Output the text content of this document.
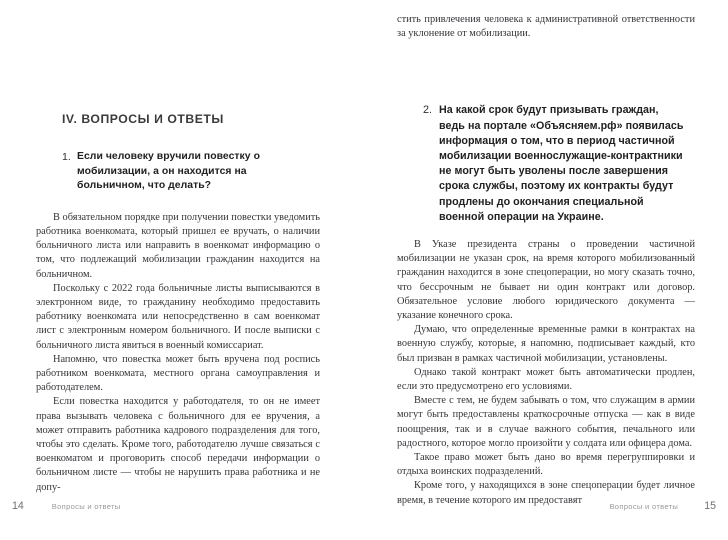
IV. ВОПРОСЫ И ОТВЕТЫ
1. Если человеку вручили повестку о мобилизации, а он находится на больничном, что делать?

В обязательном порядке при получении повестки уведомить работника военкомата, который пришел ее вручать, о наличии больничного листа или направить в военкомат информацию о том, что подлежащий мобилизации гражданин находится на больничном.

Поскольку с 2022 года больничные листы выписываются в электронном виде, то гражданину необходимо предоставить работнику военкомата или непосредственно в сам военкомат лист с электронным номером больничного. И после выписки с больничного листа явиться в военный комиссариат.

Напомню, что повестка может быть вручена под роспись работником военкомата, местного органа самоуправления и работодателем.

Если повестка находится у работодателя, то он не имеет права вызывать человека с больничного для ее вручения, а может отправить работника кадрового подразделения для того, чтобы это сделать. Кроме того, работодателю лучше связаться с военкоматом и проговорить способ передачи информации о больничном листе — чтобы не нарушить права работника и не допу-

14	Вопросы и ответы

стить привлечения человека к административной ответственности за уклонение от мобилизации.

2. На какой срок будут призывать граждан, ведь на портале «Объясняем.рф» появилась информация о том, что в период частичной мобилизации военнослужащие-контрактники не могут быть уволены после завершения срока службы, поэтому их контракты будут продлены до окончания специальной военной операции на Украине.

В Указе президента страны о проведении частичной мобилизации не указан срок, на время которого мобилизованный гражданин находится в зоне спецоперации, но могу сказать точно, что бессрочным не бывает ни один контракт или договор. Обязательное условие любого юридического документа — указание конечного срока.

Думаю, что определенные временные рамки в контрактах на военную службу, которые, я напомню, подписывает каждый, кто был призван в рамках частичной мобилизации, установлены.

Однако такой контракт может быть автоматически продлен, если это предусмотрено его условиями.

Вместе с тем, не будем забывать о том, что служащим в армии могут быть предоставлены краткосрочные отпуска — как в виде поощрения, так и в случае важного события, печального или радостного, которое могло произойти у солдата или офицера дома.

Такое право может быть дано во время перегруппировки и отдыха воинских подразделений.

Кроме того, у находящихся в зоне спецоперации будет личное время, в течение которого им предоставят

Вопросы и ответы 15
